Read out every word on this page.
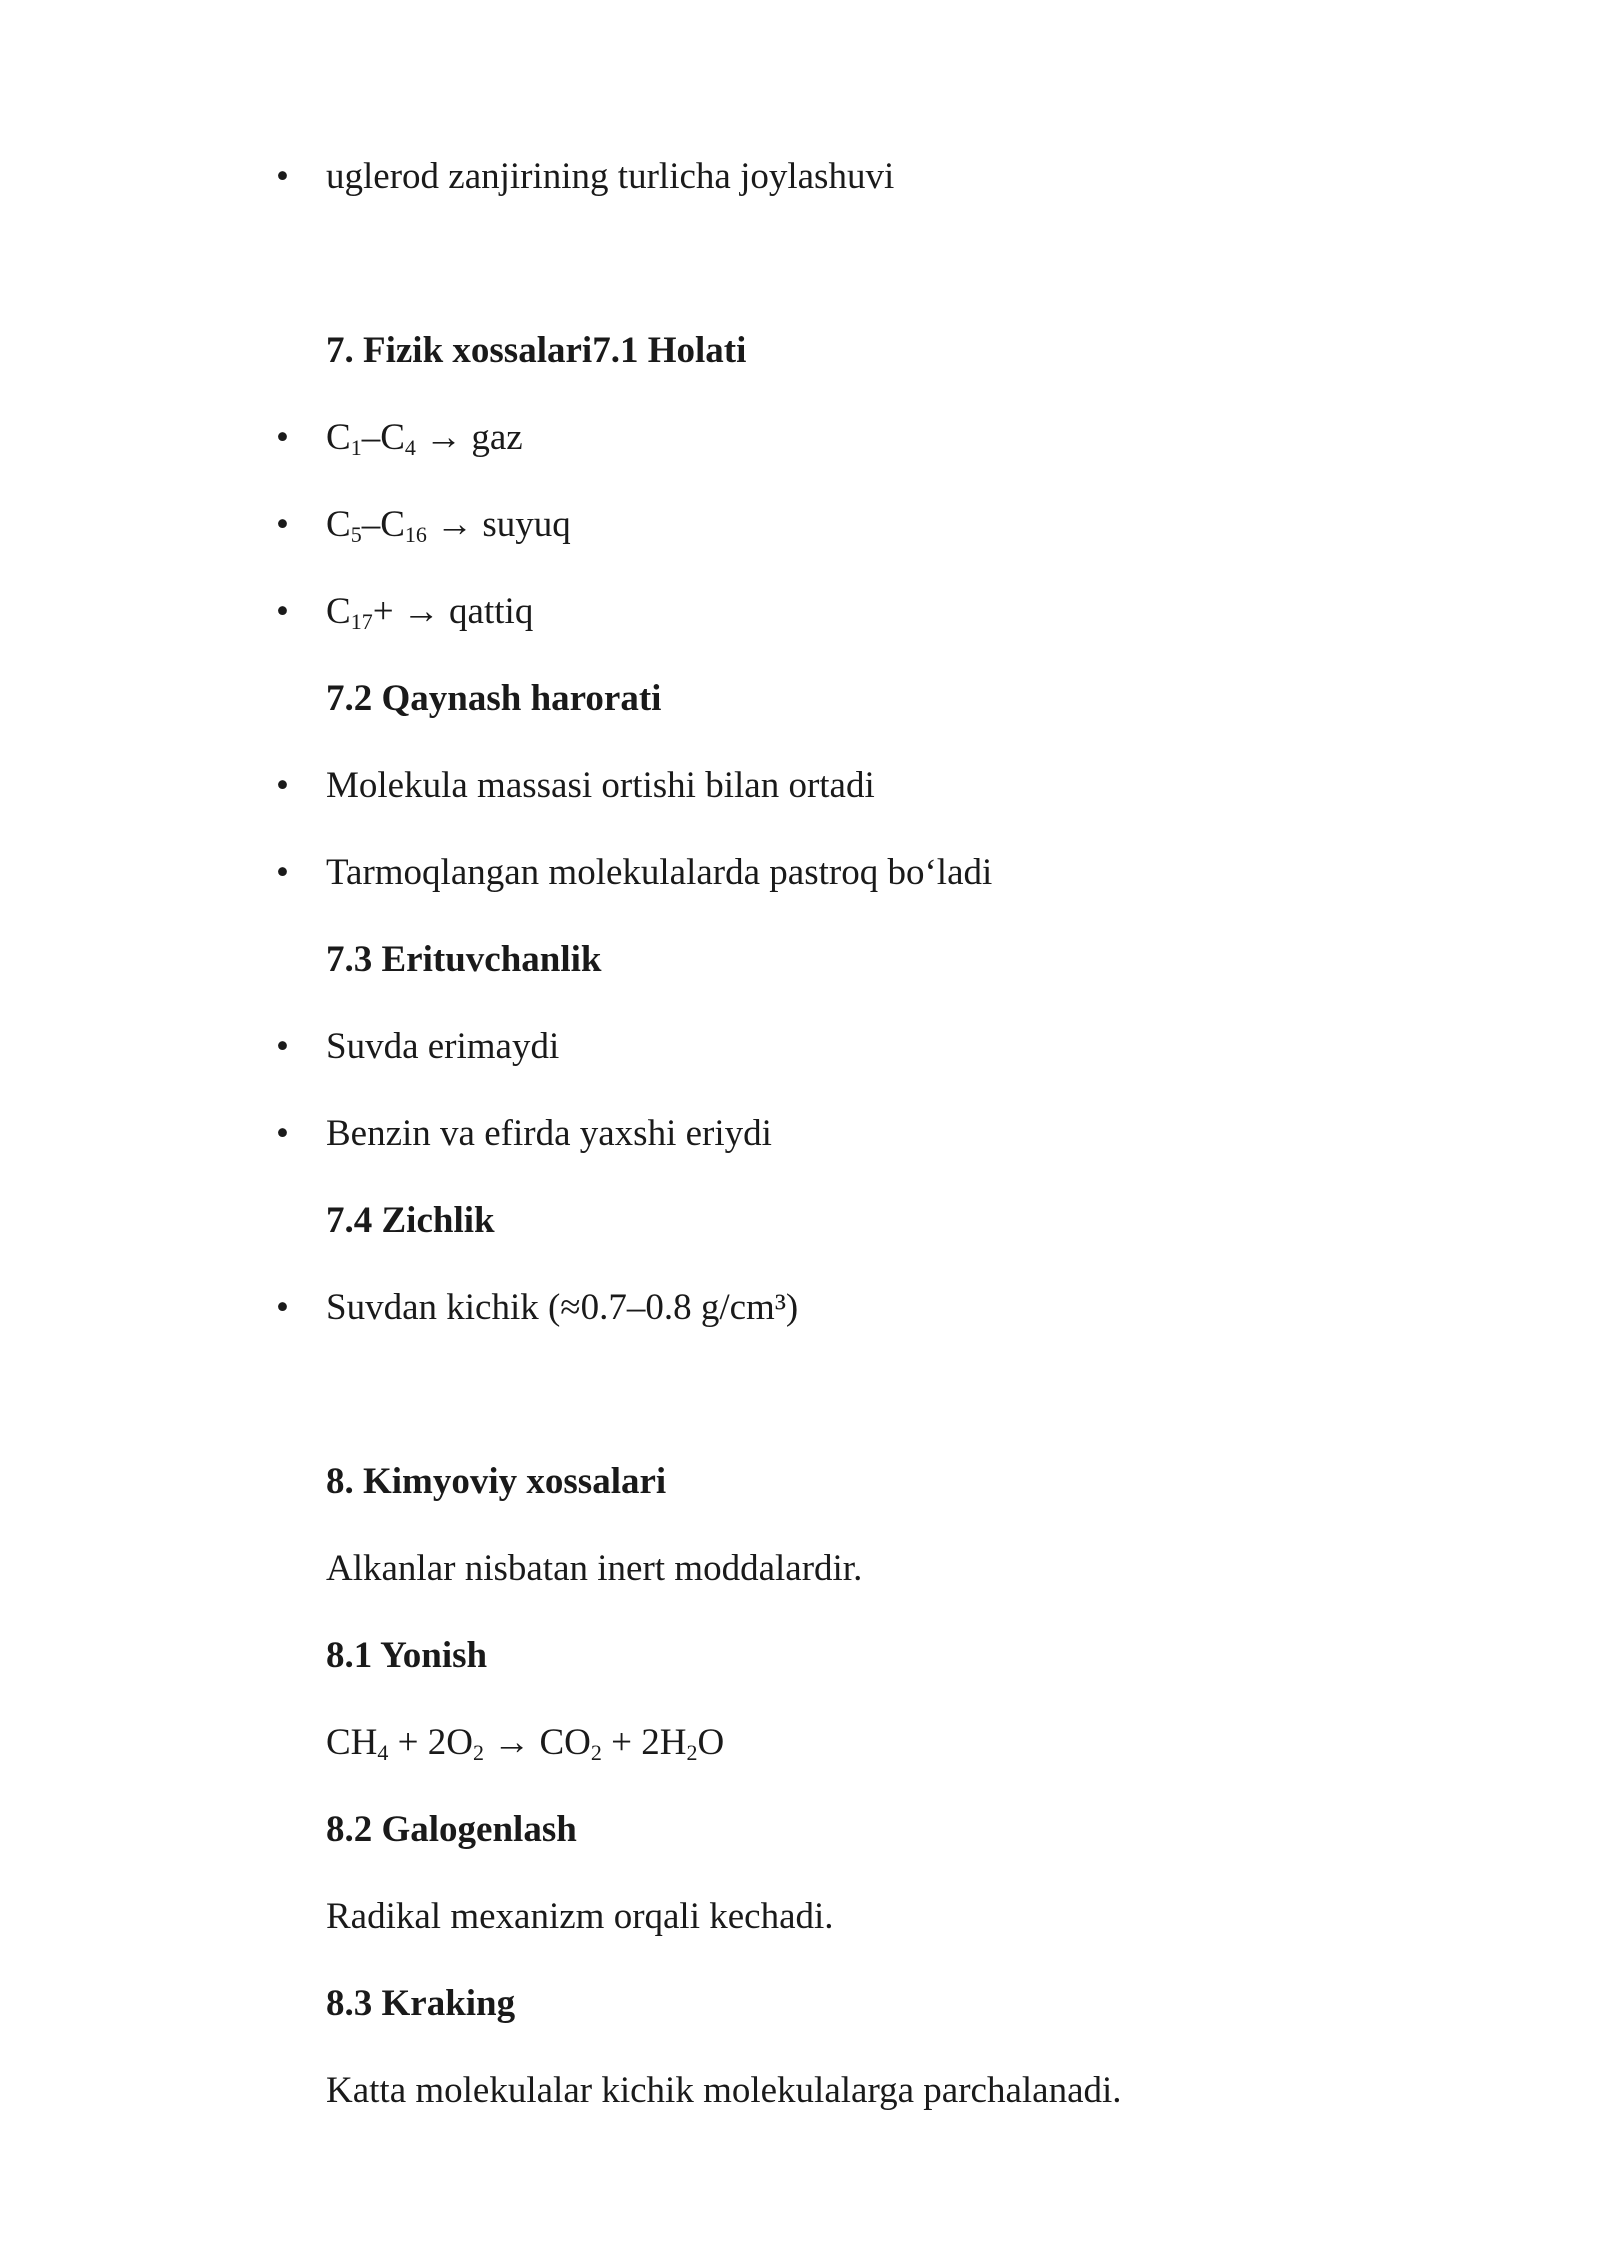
• uglerod zanjirining turlicha joylashuvi
7. Fizik xossalari7.1 Holati
• $C_1-C_4$ → gaz
• $C_5-C_{16}$ → suyuq
• $C_{17}+$ → qattiq
7.2 Qaynash harorati
• Molekula massasi ortishi bilan ortadi
• Tarmoqlangan molekulalarda pastroq bo‘ladi
7.3 Erituvchanlik
• Suvda erimaydi
• Benzin va efirda yaxshi eriydi
7.4 Zichlik
• Suvdan kichik (≈0.7–0.8 g/cm³)
8. Kimyoviy xossalari
Alkanlar nisbatan inert moddalardir.
8.1 Yonish
$CH_4 + 2O_2 \to CO_2 + 2H_2O$
8.2 Galogenlash
Radikal mexanizm orqali kechadi.
8.3 Kraking
Katta molekulalar kichik molekulalarga parchalanadi.
